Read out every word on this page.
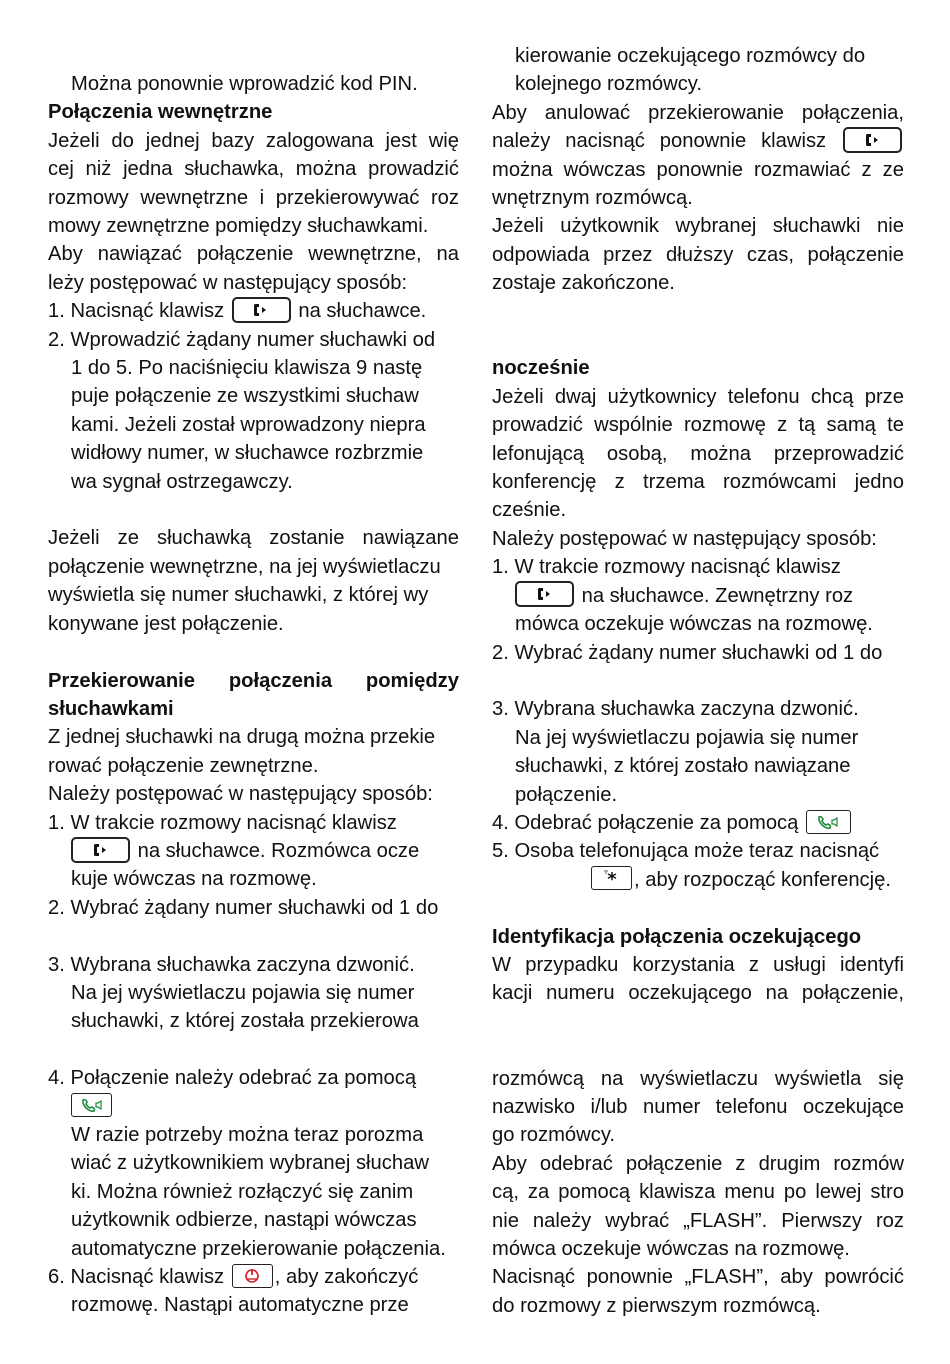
Można ponownie wprowadzić kod PIN.

Połączenia wewnętrzne

Jeżeli do jednej bazy zalogowana jest wię

cej niż jedna słuchawka, można prowadzić

rozmowy wewnętrzne i przekierowywać roz

mowy zewnętrzne pomiędzy słuchawkami.

Aby nawiązać połączenie wewnętrzne, na

leży postępować w następujący sposób:

1. Nacisnąć klawisz	na słuchawce.

2. Wprowadzić żądany numer słuchawki od

1 do 5. Po naciśnięciu klawisza 9 nastę

puje połączenie ze wszystkimi słuchaw

kami. Jeżeli został wprowadzony niepra

widłowy numer, w słuchawce rozbrzmie

wa sygnał ostrzegawczy.

Jeżeli ze słuchawką zostanie nawiązane

połączenie wewnętrzne, na jej wyświetlaczu

wyświetla się numer słuchawki, z której wy

konywane jest połączenie.

Przekierowanie połączenia pomiędzy

słuchawkami

Z jednej słuchawki na drugą można przekie

rować połączenie zewnętrzne.

Należy postępować w następujący sposób:

1. W trakcie rozmowy nacisnąć klawisz

na słuchawce. Rozmówca ocze

kuje wówczas na rozmowę.

2. Wybrać żądany numer słuchawki od 1 do

3. Wybrana słuchawka zaczyna dzwonić.

Na jej wyświetlaczu pojawia się numer

słuchawki, z której została przekierowa

4. Połączenie należy odebrać za pomocą

W razie potrzeby można teraz porozma

wiać z użytkownikiem wybranej słuchaw

ki. Można również rozłączyć się zanim

użytkownik odbierze, nastąpi wówczas

automatyczne przekierowanie połączenia.

6. Nacisnąć klawisz	, aby zakończyć

rozmowę. Nastąpi automatyczne prze

kierowanie oczekującego rozmówcy do

kolejnego rozmówcy.

Aby anulować przekierowanie połączenia,

należy nacisnąć ponownie klawisz

można wówczas ponownie rozmawiać z ze

wnętrznym rozmówcą.

Jeżeli użytkownik wybranej słuchawki nie

odpowiada przez dłuższy czas, połączenie

zostaje zakończone.

nocześnie

Jeżeli dwaj użytkownicy telefonu chcą prze

prowadzić wspólnie rozmowę z tą samą te

lefonującą osobą, można przeprowadzić

konferencję z trzema rozmówcami jedno

cześnie.

Należy postępować w następujący sposób:

1. W trakcie rozmowy nacisnąć klawisz

na słuchawce. Zewnętrzny roz

mówca oczekuje wówczas na rozmowę.

2. Wybrać żądany numer słuchawki od 1 do

3. Wybrana słuchawka zaczyna dzwonić.

Na jej wyświetlaczu pojawia się numer

słuchawki, z której zostało nawiązane

połączenie.

4. Odebrać połączenie za pomocą

5. Osoba telefonująca może teraz nacisnąć

* , aby rozpocząć konferencję.

Identyfikacja połączenia oczekującego

W przypadku korzystania z usługi identyfi

kacji numeru oczekującego na połączenie,

rozmówcą na wyświetlaczu wyświetla się

nazwisko i/lub numer telefonu oczekujące

go rozmówcy.

Aby odebrać połączenie z drugim rozmów

cą, za pomocą klawisza menu po lewej stro

nie należy wybrać „FLASH”. Pierwszy roz

mówca oczekuje wówczas na rozmowę.

Nacisnąć ponownie „FLASH”, aby powrócić

do rozmowy z pierwszym rozmówcą.
